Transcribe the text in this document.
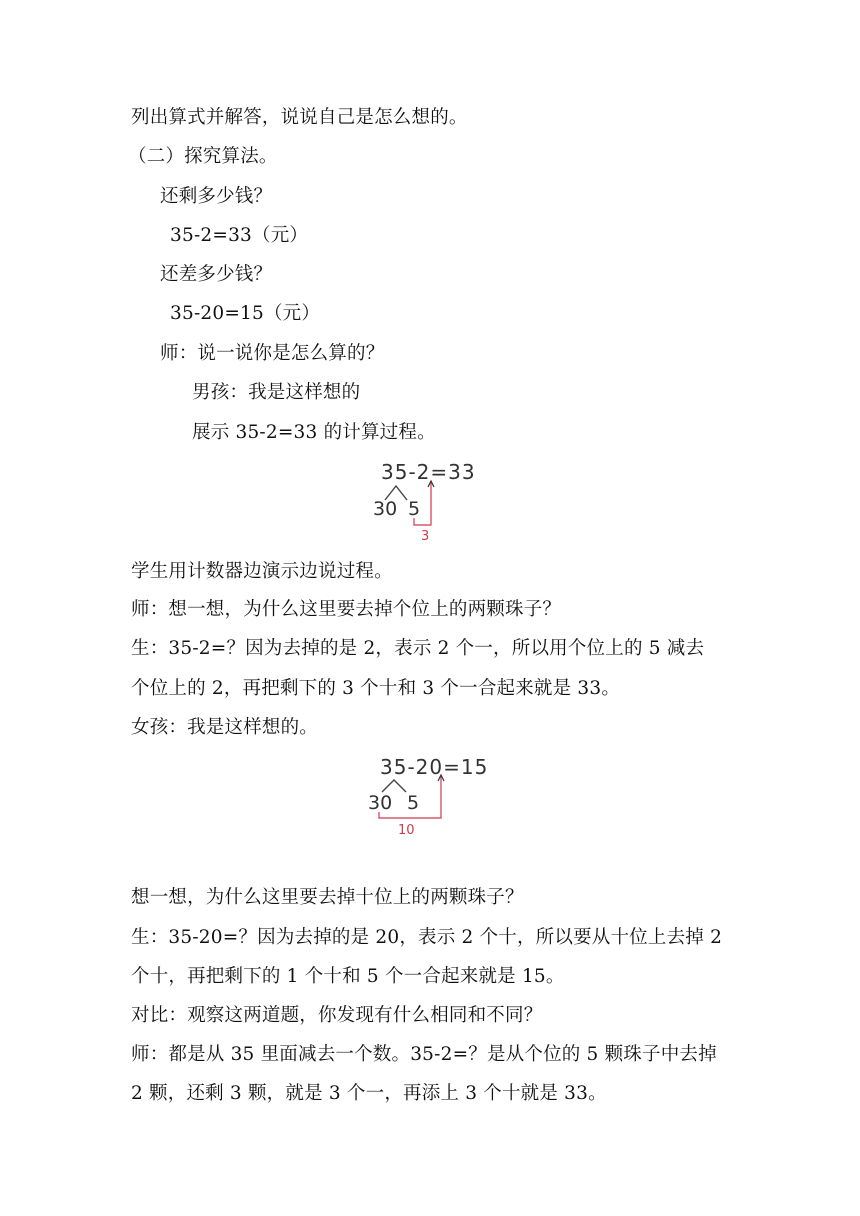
列出算式并解答，说说自己是怎么想的。
（二）探究算法。
还剩多少钱？
35-2=33（元）
还差多少钱？
35-20=15（元）
师：说一说你是怎么算的？
男孩：我是这样想的
展示 35-2=33 的计算过程。
35-2=33
30 5
3
学生用计数器边演示边说过程。
师：想一想，为什么这里要去掉个位上的两颗珠子？
生：35-2=？因为去掉的是 2，表示 2 个一，所以用个位上的 5 减去
个位上的 2，再把剩下的 3 个十和 3 个一合起来就是 33。
女孩：我是这样想的。
35-20=15
30 5
10
想一想，为什么这里要去掉十位上的两颗珠子？
生：35-20=？因为去掉的是 20，表示 2 个十，所以要从十位上去掉 2
个十，再把剩下的 1 个十和 5 个一合起来就是 15。
对比：观察这两道题，你发现有什么相同和不同？
师：都是从 35 里面减去一个数。35-2=？是从个位的 5 颗珠子中去掉
2 颗，还剩 3 颗，就是 3 个一，再添上 3 个十就是 33。
